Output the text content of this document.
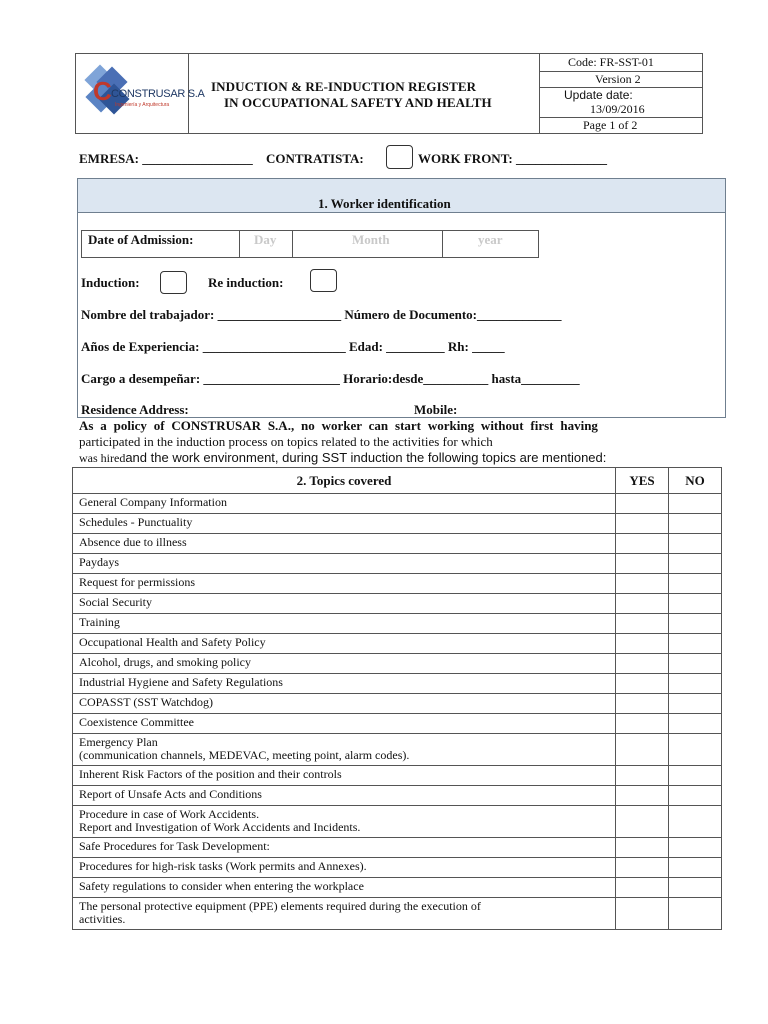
C CONSTRUSAR S.A
Ingeniería y Arquitectura
INDUCTION & RE-INDUCTION REGISTER
IN OCCUPATIONAL SAFETY AND HEALTH
Code: FR-SST-01
Version 2
Update date:
13/09/2016
Page 1 of 2
EMRESA: _________________ CONTRATISTA:	WORK FRONT: ______________
1. Worker identification
Date of Admission:	Day	Month	year
Induction:	Re induction:
Nombre del trabajador: ___________________ Número de Documento:_____________
Años de Experiencia: ______________________ Edad: _________ Rh: _____
Cargo a desempeñar: _____________________ Horario:desde__________ hasta_________
Residence Address:	Mobile:
As a policy of CONSTRUSAR S.A., no worker can start working without first having
participated in the induction process on topics related to the activities for which
was hiredand the work environment, during SST induction the following topics are mentioned:
2. Topics covered	YES	NO

General Company Information		

Schedules - Punctuality		

Absence due to illness		

Paydays		

Request for permissions		

Social Security		

Training		

Occupational Health and Safety Policy		

Alcohol, drugs, and smoking policy		

Industrial Hygiene and Safety Regulations		

COPASST (SST Watchdog)		

Coexistence Committee		

Emergency Plan
(communication channels, MEDEVAC, meeting point, alarm codes).		

Inherent Risk Factors of the position and their controls		

Report of Unsafe Acts and Conditions		

Procedure in case of Work Accidents.
Report and Investigation of Work Accidents and Incidents.		

Safe Procedures for Task Development:		

Procedures for high-risk tasks (Work permits and Annexes).		

Safety regulations to consider when entering the workplace		

The personal protective equipment (PPE) elements required during the execution of
activities.		
